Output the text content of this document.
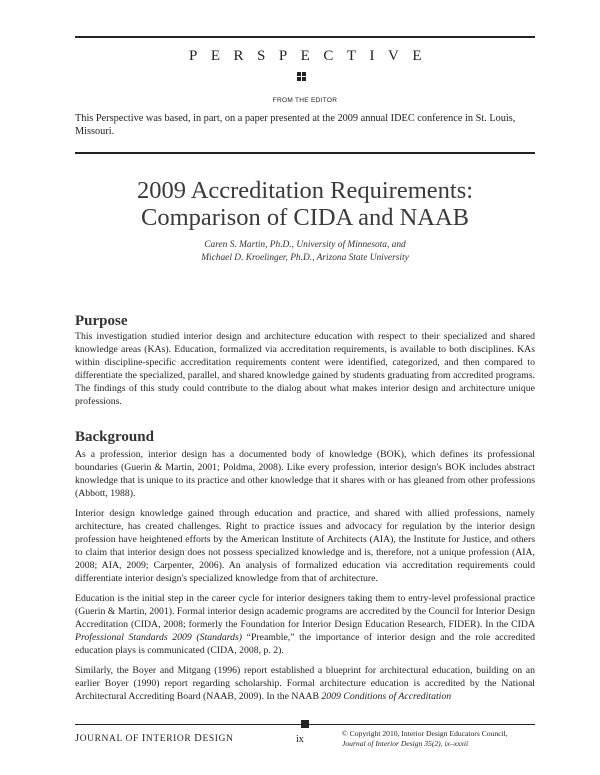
PERSPECTIVE
FROM THE EDITOR
This Perspective was based, in part, on a paper presented at the 2009 annual IDEC conference in St. Louis, Missouri.
2009 Accreditation Requirements:
Comparison of CIDA and NAAB
Caren S. Martin, Ph.D., University of Minnesota, and
Michael D. Kroelinger, Ph.D., Arizona State University
Purpose

This investigation studied interior design and architecture education with respect to their specialized and shared knowledge areas (KAs). Education, formalized via accreditation requirements, is available to both disciplines. KAs within discipline-specific accreditation requirements content were identified, categorized, and then compared to differentiate the specialized, parallel, and shared knowledge gained by students graduating from accredited programs. The findings of this study could contribute to the dialog about what makes interior design and architecture unique professions.

Background

As a profession, interior design has a documented body of knowledge (BOK), which defines its professional boundaries (Guerin & Martin, 2001; Poldma, 2008). Like every profession, interior design's BOK includes abstract knowledge that is unique to its practice and other knowledge that it shares with or has gleaned from other professions (Abbott, 1988).

Interior design knowledge gained through education and practice, and shared with allied professions, namely architecture, has created challenges. Right to practice issues and advocacy for regulation by the interior design profession have heightened efforts by the American Institute of Architects (AIA), the Institute for Justice, and others to claim that interior design does not possess specialized knowledge and is, therefore, not a unique profession (AIA, 2008; AIA, 2009; Carpenter, 2006). An analysis of formalized education via accreditation requirements could differentiate interior design's specialized knowledge from that of architecture.

Education is the initial step in the career cycle for interior designers taking them to entry-level professional practice (Guerin & Martin, 2001). Formal interior design academic programs are accredited by the Council for Interior Design Accreditation (CIDA, 2008; formerly the Foundation for Interior Design Education Research, FIDER). In the CIDA Professional Standards 2009 (Standards) “Preamble,” the importance of interior design and the role accredited education plays is communicated (CIDA, 2008, p. 2).

Similarly, the Boyer and Mitgang (1996) report established a blueprint for architectural education, building on an earlier Boyer (1990) report regarding scholarship. Formal architecture education is accredited by the National Architectural Accrediting Board (NAAB, 2009). In the NAAB 2009 Conditions of Accreditation

JOURNAL OF INTERIOR DESIGN	ix
© Copyright 2010, Interior Design Educators Council,
Journal of Interior Design 35(2), ix–xxxii
